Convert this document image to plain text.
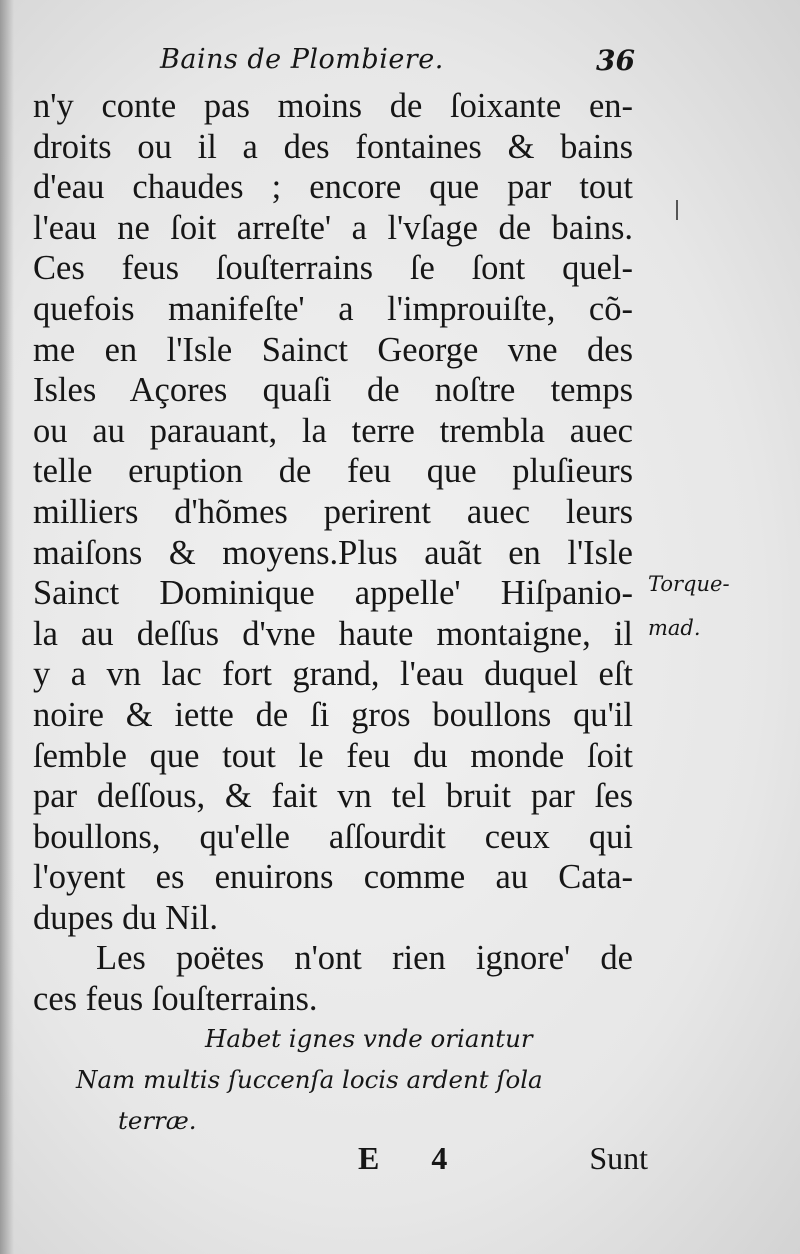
Bains de Plombiere.	36
n'y conte pas moins de ſoixante en-
droits ou il a des fontaines & bains
d'eau chaudes ; encore que par tout
l'eau ne ſoit arreſte' a l'vſage de bains.
Ces feus ſouſterrains ſe ſont quel-
quefois manifeſte' a l'improuiſte, cõ-
me en l'Isle Sainct George vne des
Isles Açores quaſi de noſtre temps
ou au parauant, la terre trembla auec
telle eruption de feu que pluſieurs
milliers d'hõmes perirent auec leurs
maiſons & moyens.Plus auãt en l'Isle
Sainct Dominique appelle' Hiſpanio-
la au deſſus d'vne haute montaigne, il
y a vn lac fort grand, l'eau duquel eſt
noire & iette de ſi gros boullons qu'il
ſemble que tout le feu du monde ſoit
par deſſous, & fait vn tel bruit par ſes
boullons, qu'elle aſſourdit ceux qui
l'oyent es enuirons comme au Cata-
dupes du Nil.
Les poëtes n'ont rien ignore' de
ces feus ſouſterrains.
Habet ignes vnde oriantur
Nam multis ſuccenſa locis ardent ſola
terræ.
Torque-
mad.
E 4	Sunt
